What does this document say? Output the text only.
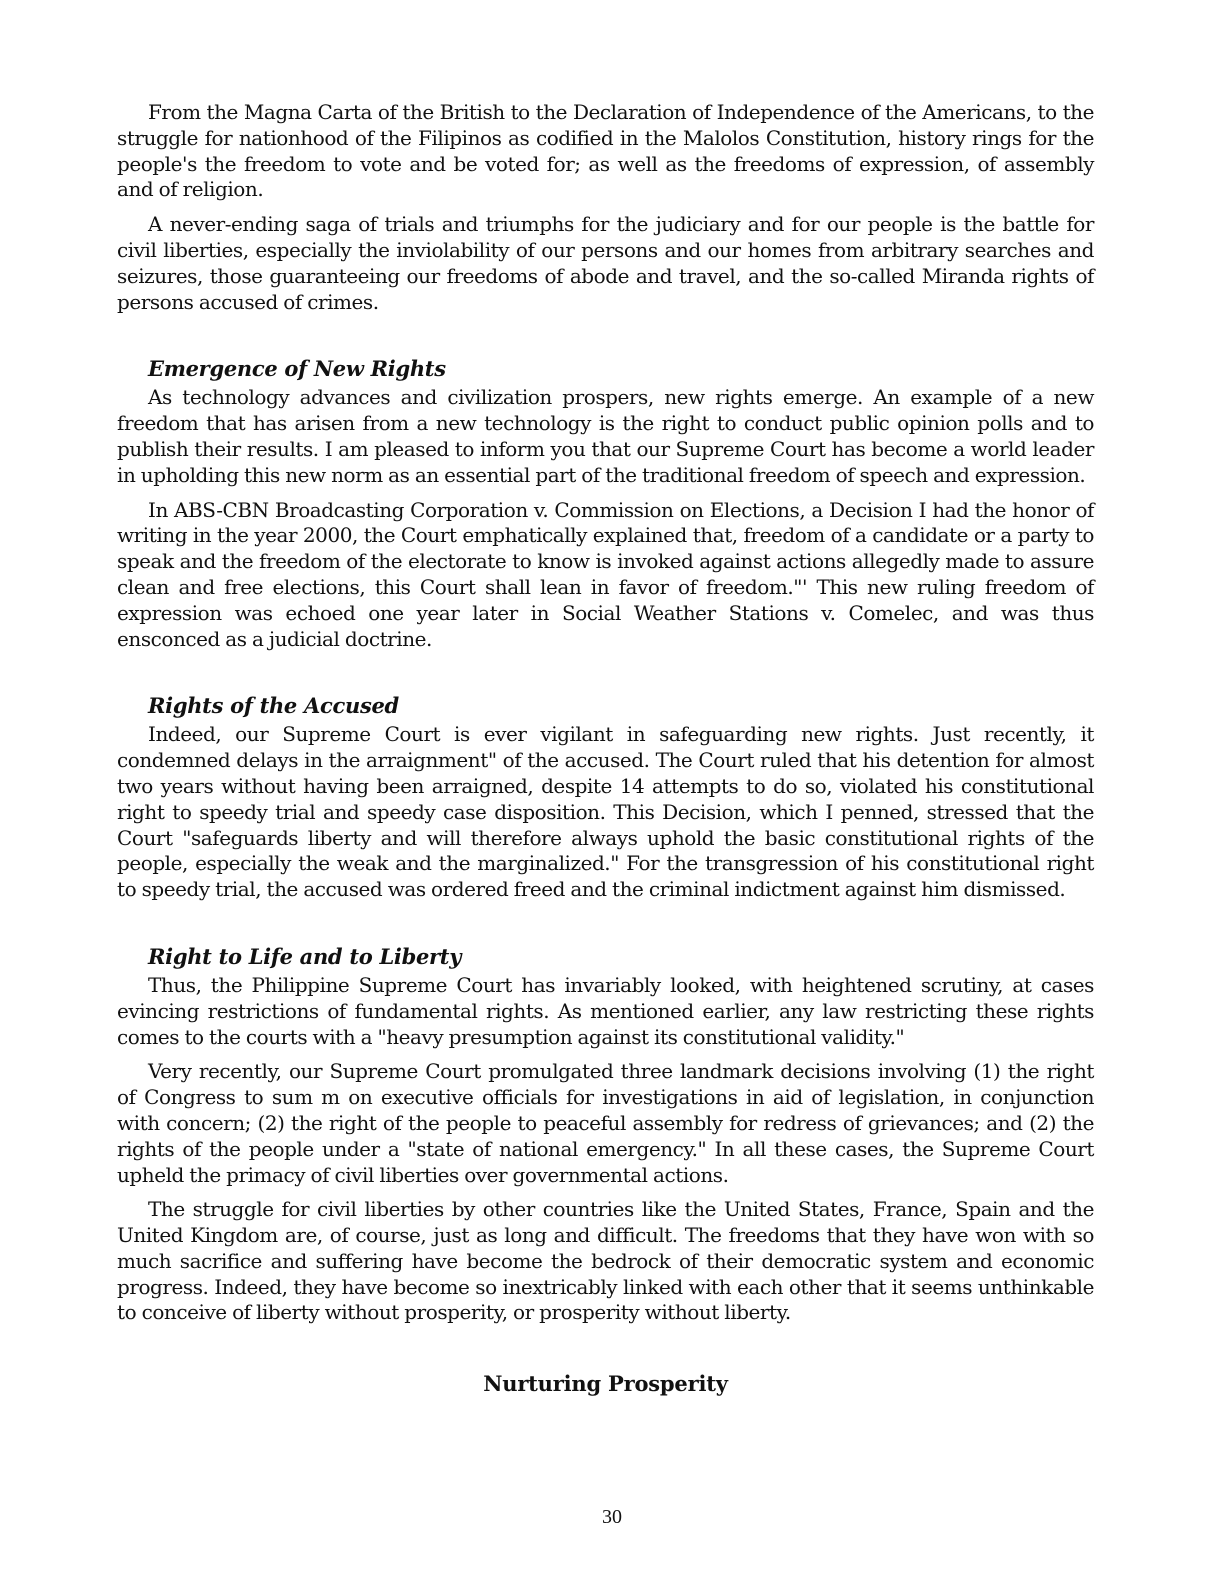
From the Magna Carta of the British to the Declaration of Independence of the Americans, to the struggle for nationhood of the Filipinos as codified in the Malolos Constitution, history rings for the people's the freedom to vote and be voted for; as well as the freedoms of expression, of assembly and of religion.

A never-ending saga of trials and triumphs for the judiciary and for our people is the battle for civil liberties, especially the inviolability of our persons and our homes from arbitrary searches and seizures, those guaranteeing our freedoms of abode and travel, and the so-called Miranda rights of persons accused of crimes.

Emergence of New Rights

As technology advances and civilization prospers, new rights emerge. An example of a new freedom that has arisen from a new technology is the right to conduct public opinion polls and to publish their results. I am pleased to inform you that our Supreme Court has become a world leader in upholding this new norm as an essential part of the traditional freedom of speech and expression.

In ABS-CBN Broadcasting Corporation v. Commission on Elections, a Decision I had the honor of writing in the year 2000, the Court emphatically explained that, freedom of a candidate or a party to speak and the freedom of the electorate to know is invoked against actions allegedly made to assure clean and free elections, this Court shall lean in favor of freedom."' This new ruling freedom of expression was echoed one year later in Social Weather Stations v. Comelec, and was thus ensconced as a judicial doctrine.

Rights of the Accused

Indeed, our Supreme Court is ever vigilant in safeguarding new rights. Just recently, it condemned delays in the arraignment" of the accused. The Court ruled that his detention for almost two years without having been arraigned, despite 14 attempts to do so, violated his constitutional right to speedy trial and speedy case disposition. This Decision, which I penned, stressed that the Court "safeguards liberty and will therefore always uphold the basic constitutional rights of the people, especially the weak and the marginalized." For the transgression of his constitutional right to speedy trial, the accused was ordered freed and the criminal indictment against him dismissed.

Right to Life and to Liberty

Thus, the Philippine Supreme Court has invariably looked, with heightened scrutiny, at cases evincing restrictions of fundamental rights. As mentioned earlier, any law restricting these rights comes to the courts with a "heavy presumption against its constitutional validity."

Very recently, our Supreme Court promulgated three landmark decisions involving (1) the right of Congress to sum m on executive officials for investigations in aid of legislation, in conjunction with concern; (2) the right of the people to peaceful assembly for redress of grievances; and (2) the rights of the people under a "state of national emergency." In all these cases, the Supreme Court upheld the primacy of civil liberties over governmental actions.

The struggle for civil liberties by other countries like the United States, France, Spain and the United Kingdom are, of course, just as long and difficult. The freedoms that they have won with so much sacrifice and suffering have become the bedrock of their democratic system and economic progress. Indeed, they have become so inextricably linked with each other that it seems unthinkable to conceive of liberty without prosperity, or prosperity without liberty.

Nurturing Prosperity
30
